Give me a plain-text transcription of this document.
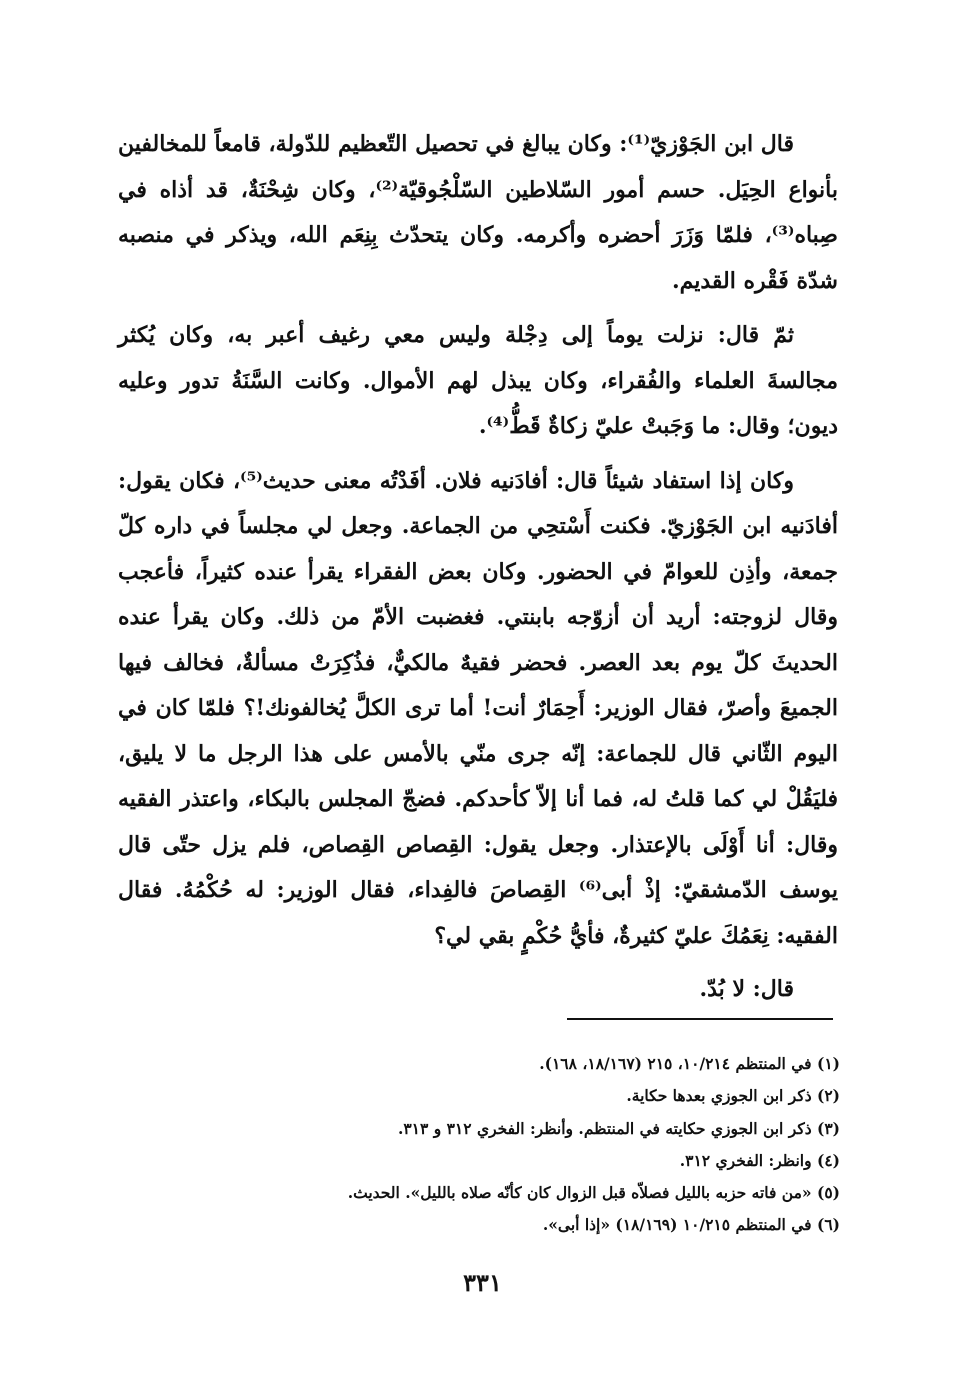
قال ابن الجَوْزيّ⁽¹⁾: وكان يبالغ في تحصيل التّعظيم للدّولة، قامعاً للمخالفين بأنواع الحِيَل. حسم أمور السّلاطين السّلْجُوقيّة⁽²⁾، وكان شِحْنَةٌ، قد أذاه في صِباه⁽³⁾، فلمّا وَزَرَ أحضره وأكرمه. وكان يتحدّث بِنِعَم الله، ويذكر في منصبه شدّة فَقْره القديم.

ثمّ قال: نزلت يوماً إلى دِجْلة وليس معي رغيف أعبر به، وكان يُكثر مجالسةَ العلماء والفُقراء، وكان يبذل لهم الأموال. وكانت السَّنَةُ تدور وعليه ديون؛ وقال: ما وَجَبتْ عليّ زكاةٌ قَطُّ⁽⁴⁾.

وكان إذا استفاد شيئاً قال: أفادَنيه فلان. أفَدْتُه معنى حديث⁽⁵⁾، فكان يقول: أفادَنيه ابن الجَوْزيّ. فكنت أَسْتحِي من الجماعة. وجعل لي مجلساً في داره كلّ جمعة، وأذِن للعوامّ في الحضور. وكان بعض الفقراء يقرأ عنده كثيراً، فأعجب وقال لزوجته: أريد أن أزوّجه بابنتي. فغضبت الأمّ من ذلك. وكان يقرأ عنده الحديثَ كلّ يوم بعد العصر. فحضر فقيهٌ مالكيٌّ، فذُكِرَتْ مسألةٌ، فخالف فيها الجميعَ وأصرّ، فقال الوزير: أَحِمَارٌ أنت! أما ترى الكلَّ يُخالفونك!؟ فلمّا كان في اليوم الثّاني قال للجماعة: إنّه جرى منّي بالأمس على هذا الرجل ما لا يليق، فليَقُلْ لي كما قلتُ له، فما أنا إلاّ كأحدكم. فضجّ المجلس بالبكاء، واعتذر الفقيه وقال: أنا أَوْلَى بالإعتذار. وجعل يقول: القِصاص القِصاص، فلم يزل حتّى قال يوسف الدّمشقيّ: إذْ أبى⁽⁶⁾ القِصاصَ فالفِداء، فقال الوزير: له حُكْمُهُ. فقال الفقيه: نِعَمُكَ عليّ كثيرةٌ، فأيُّ حُكْمٍ بقي لي؟

قال: لا بُدّ.

(١) في المنتظم ١٠/٢١٤، ٢١٥ (١٨/١٦٧، ١٦٨).
(٢) ذكر ابن الجوزي بعدها حكاية.
(٣) ذكر ابن الجوزي حكايته في المنتظم. وأنظر: الفخري ٣١٢ و ٣١٣.
(٤) وانظر: الفخري ٣١٢.
(٥) «من فاته حزبه بالليل فصلاّه قبل الزوال كان كأنّه صلاه بالليل». الحديث.
(٦) في المنتظم ١٠/٢١٥ (١٨/١٦٩) «إذا أبى».
٣٣١
